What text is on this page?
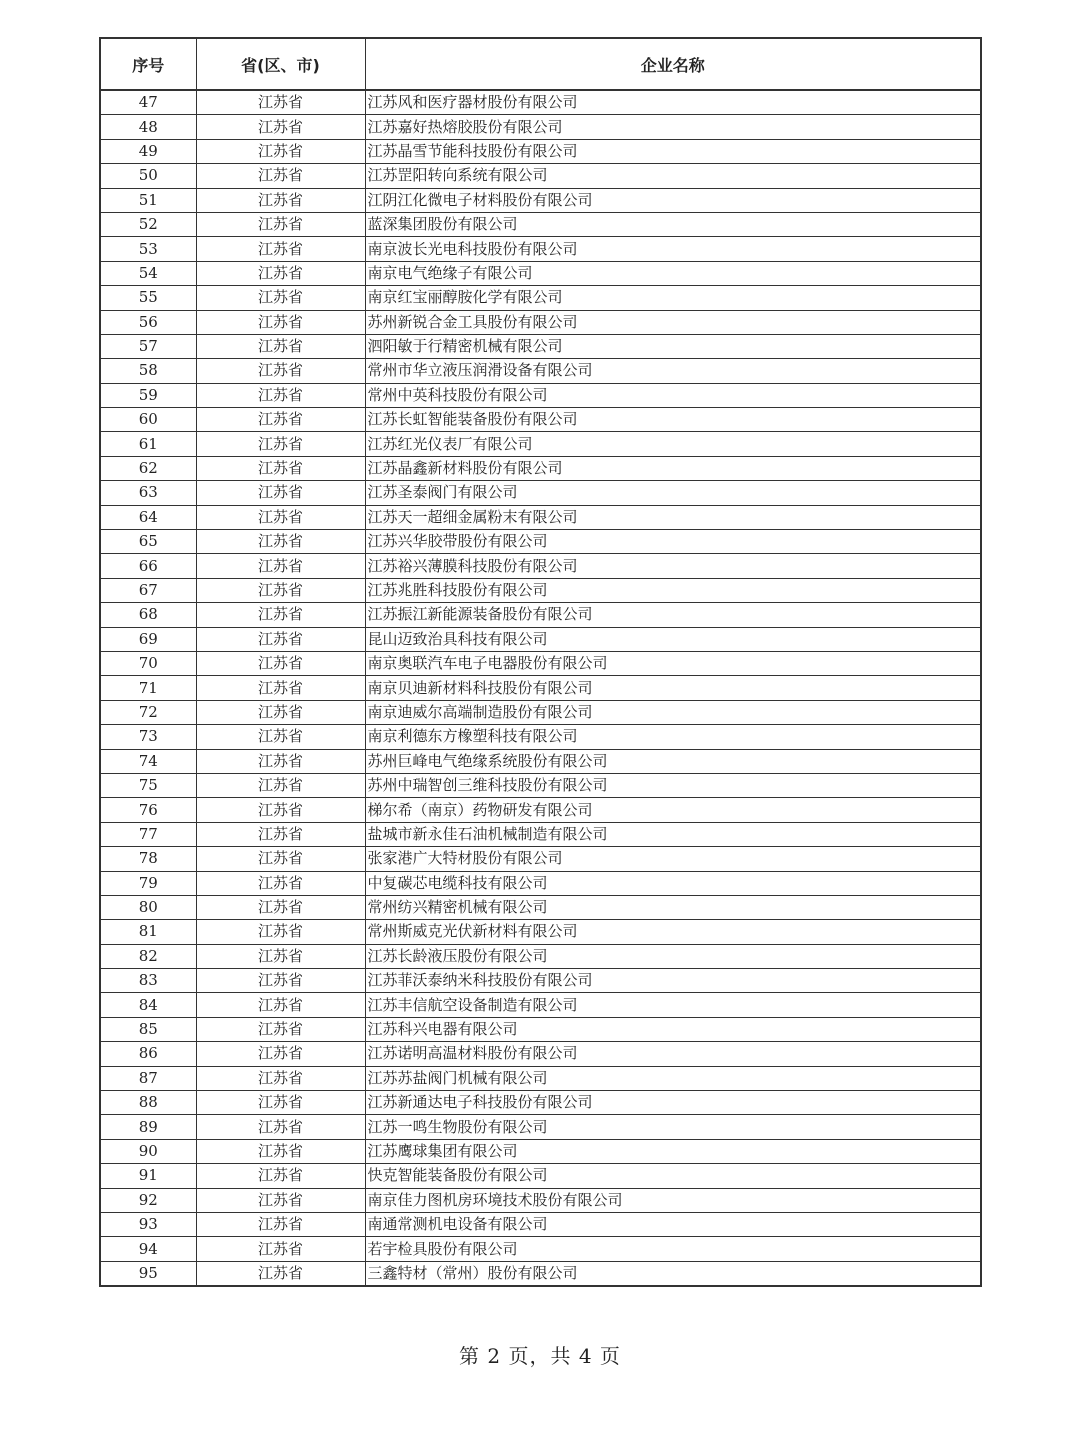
序号	省(区、市)	企业名称
47	江苏省	江苏风和医疗器材股份有限公司
48	江苏省	江苏嘉好热熔胶股份有限公司
49	江苏省	江苏晶雪节能科技股份有限公司
50	江苏省	江苏罡阳转向系统有限公司
51	江苏省	江阴江化微电子材料股份有限公司
52	江苏省	蓝深集团股份有限公司
53	江苏省	南京波长光电科技股份有限公司
54	江苏省	南京电气绝缘子有限公司
55	江苏省	南京红宝丽醇胺化学有限公司
56	江苏省	苏州新锐合金工具股份有限公司
57	江苏省	泗阳敏于行精密机械有限公司
58	江苏省	常州市华立液压润滑设备有限公司
59	江苏省	常州中英科技股份有限公司
60	江苏省	江苏长虹智能装备股份有限公司
61	江苏省	江苏红光仪表厂有限公司
62	江苏省	江苏晶鑫新材料股份有限公司
63	江苏省	江苏圣泰阀门有限公司
64	江苏省	江苏天一超细金属粉末有限公司
65	江苏省	江苏兴华胶带股份有限公司
66	江苏省	江苏裕兴薄膜科技股份有限公司
67	江苏省	江苏兆胜科技股份有限公司
68	江苏省	江苏振江新能源装备股份有限公司
69	江苏省	昆山迈致治具科技有限公司
70	江苏省	南京奥联汽车电子电器股份有限公司
71	江苏省	南京贝迪新材料科技股份有限公司
72	江苏省	南京迪威尔高端制造股份有限公司
73	江苏省	南京利德东方橡塑科技有限公司
74	江苏省	苏州巨峰电气绝缘系统股份有限公司
75	江苏省	苏州中瑞智创三维科技股份有限公司
76	江苏省	梯尔希（南京）药物研发有限公司
77	江苏省	盐城市新永佳石油机械制造有限公司
78	江苏省	张家港广大特材股份有限公司
79	江苏省	中复碳芯电缆科技有限公司
80	江苏省	常州纺兴精密机械有限公司
81	江苏省	常州斯威克光伏新材料有限公司
82	江苏省	江苏长龄液压股份有限公司
83	江苏省	江苏菲沃泰纳米科技股份有限公司
84	江苏省	江苏丰信航空设备制造有限公司
85	江苏省	江苏科兴电器有限公司
86	江苏省	江苏诺明高温材料股份有限公司
87	江苏省	江苏苏盐阀门机械有限公司
88	江苏省	江苏新通达电子科技股份有限公司
89	江苏省	江苏一鸣生物股份有限公司
90	江苏省	江苏鹰球集团有限公司
91	江苏省	快克智能装备股份有限公司
92	江苏省	南京佳力图机房环境技术股份有限公司
93	江苏省	南通常测机电设备有限公司
94	江苏省	若宇检具股份有限公司
95	江苏省	三鑫特材（常州）股份有限公司
第 2 页，共 4 页
